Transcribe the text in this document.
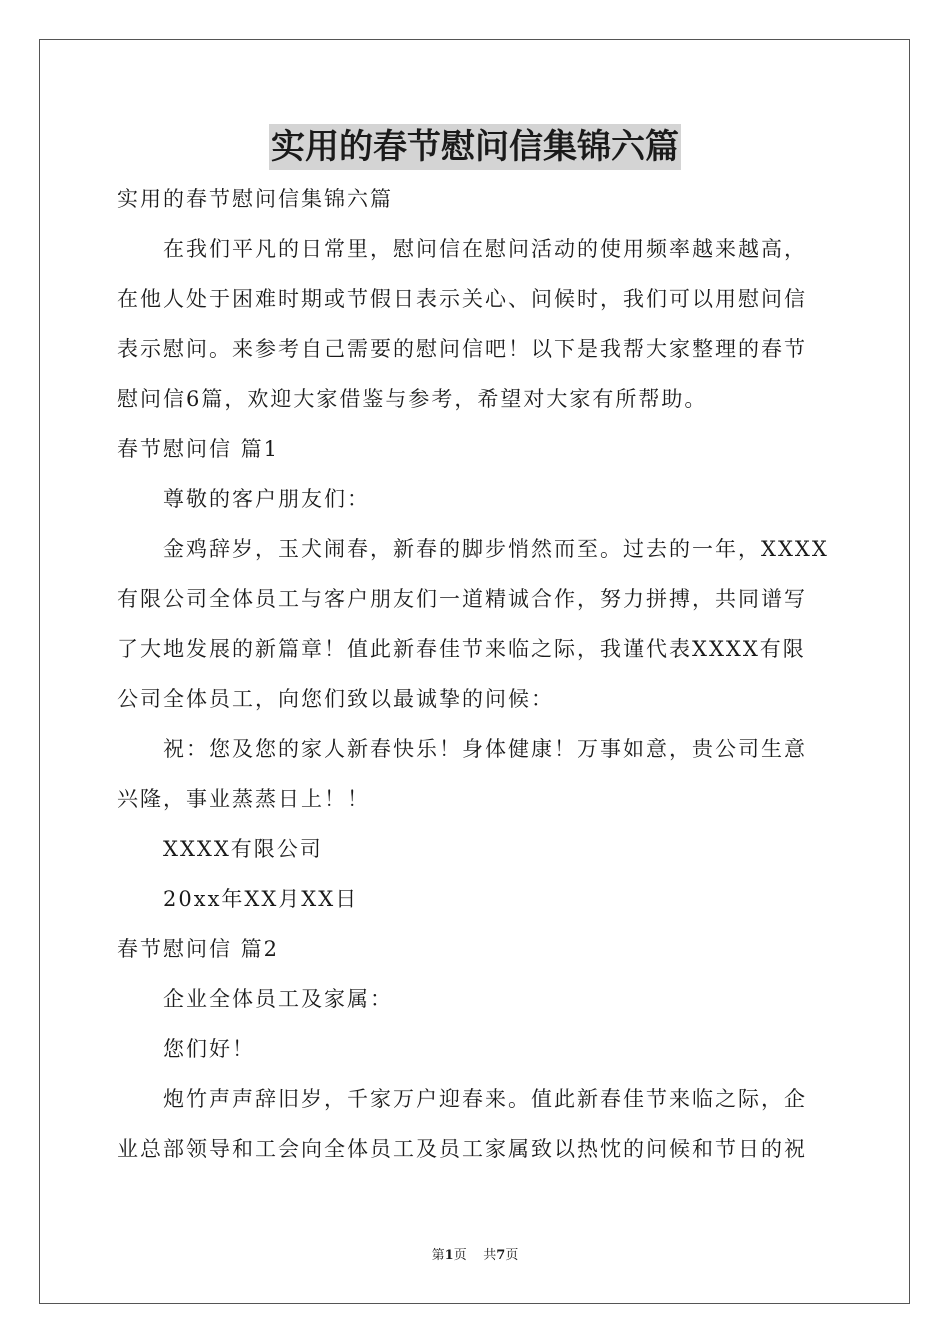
实用的春节慰问信集锦六篇
实用的春节慰问信集锦六篇
在我们平凡的日常里，慰问信在慰问活动的使用频率越来越高，
在他人处于困难时期或节假日表示关心、问候时，我们可以用慰问信
表示慰问。来参考自己需要的慰问信吧！以下是我帮大家整理的春节
慰问信6篇，欢迎大家借鉴与参考，希望对大家有所帮助。
春节慰问信 篇1
尊敬的客户朋友们：
金鸡辞岁，玉犬闹春，新春的脚步悄然而至。过去的一年，XXXX
有限公司全体员工与客户朋友们一道精诚合作，努力拼搏，共同谱写
了大地发展的新篇章！值此新春佳节来临之际，我谨代表XXXX有限
公司全体员工，向您们致以最诚挚的问候：
祝：您及您的家人新春快乐！身体健康！万事如意，贵公司生意
兴隆，事业蒸蒸日上！！
XXXX有限公司
20xx年XX月XX日
春节慰问信 篇2
企业全体员工及家属：
您们好！
炮竹声声辞旧岁，千家万户迎春来。值此新春佳节来临之际，企
业总部领导和工会向全体员工及员工家属致以热忱的问候和节日的祝
第1页 共7页
